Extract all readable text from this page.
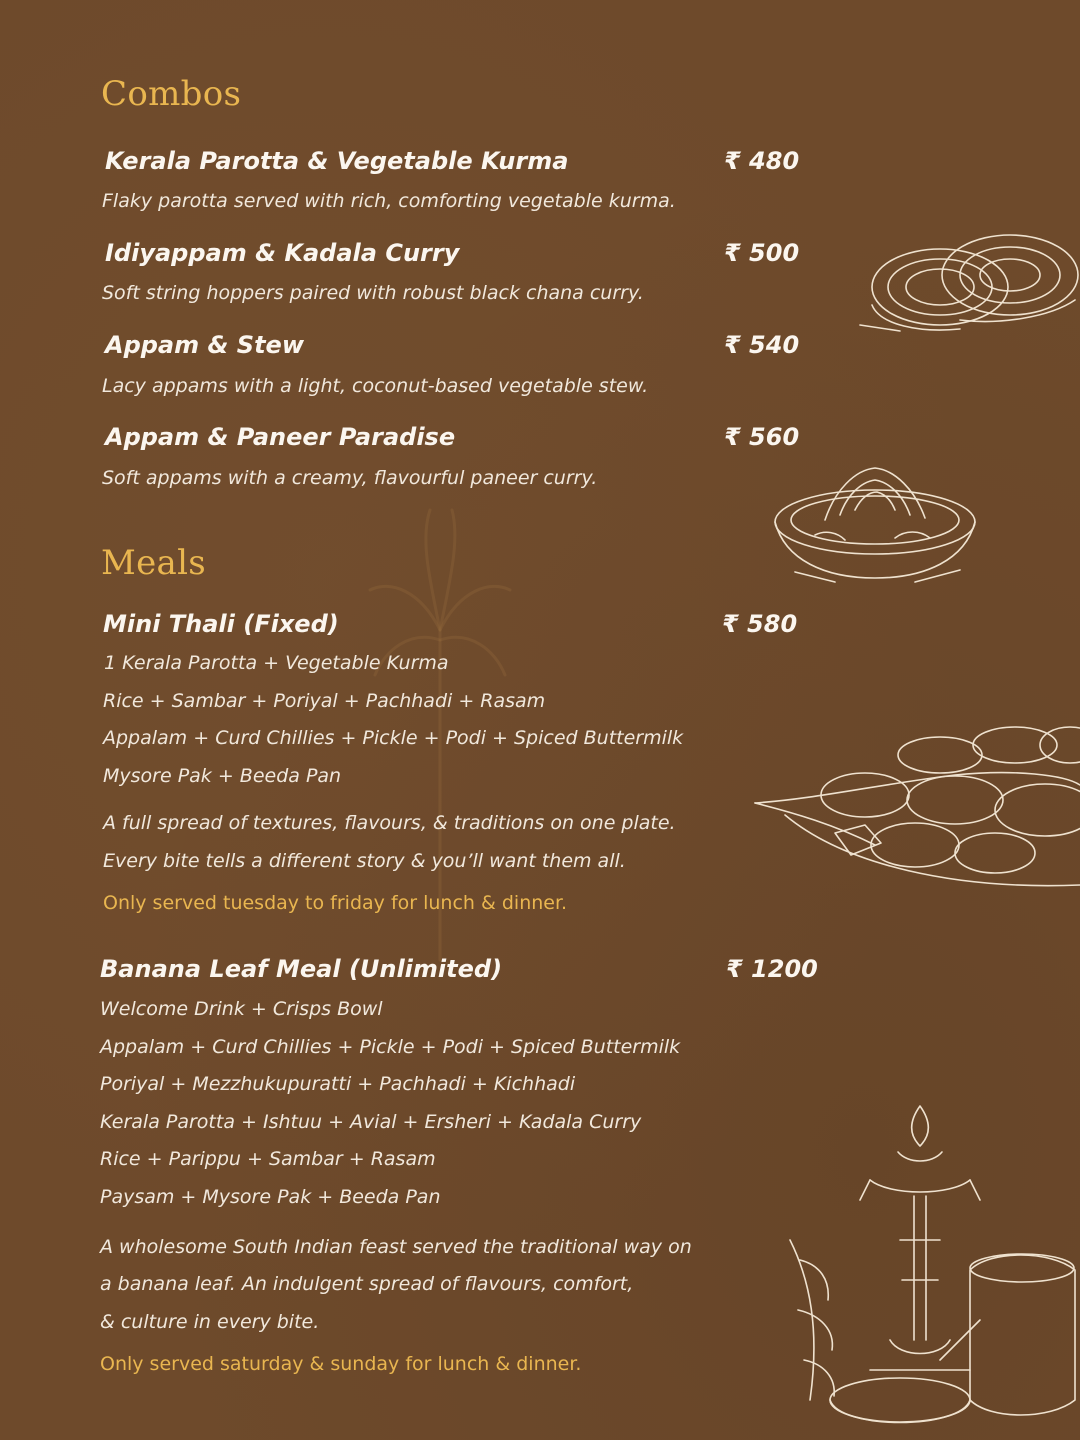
Combos
Kerala Parotta & Vegetable Kurma	₹ 480
Flaky parotta served with rich, comforting vegetable kurma.
Idiyappam & Kadala Curry	₹ 500
Soft string hoppers paired with robust black chana curry.
Appam & Stew	₹ 540
Lacy appams with a light, coconut-based vegetable stew.
Appam & Paneer Paradise	₹ 560
Soft appams with a creamy, flavourful paneer curry.
Meals
Mini Thali (Fixed)	₹ 580
1 Kerala Parotta + Vegetable Kurma
Rice + Sambar + Poriyal + Pachhadi + Rasam
Appalam + Curd Chillies + Pickle + Podi + Spiced Buttermilk
Mysore Pak + Beeda Pan
A full spread of textures, flavours, & traditions on one plate.
Every bite tells a different story & you’ll want them all.
Only served tuesday to friday for lunch & dinner.
Banana Leaf Meal (Unlimited)	₹ 1200
Welcome Drink + Crisps Bowl
Appalam + Curd Chillies + Pickle + Podi + Spiced Buttermilk
Poriyal + Mezzhukupuratti + Pachhadi + Kichhadi
Kerala Parotta + Ishtuu + Avial + Ersheri + Kadala Curry
Rice + Parippu + Sambar + Rasam
Paysam + Mysore Pak + Beeda Pan
A wholesome South Indian feast served the traditional way on
a banana leaf. An indulgent spread of flavours, comfort,
& culture in every bite.
Only served saturday & sunday for lunch & dinner.
